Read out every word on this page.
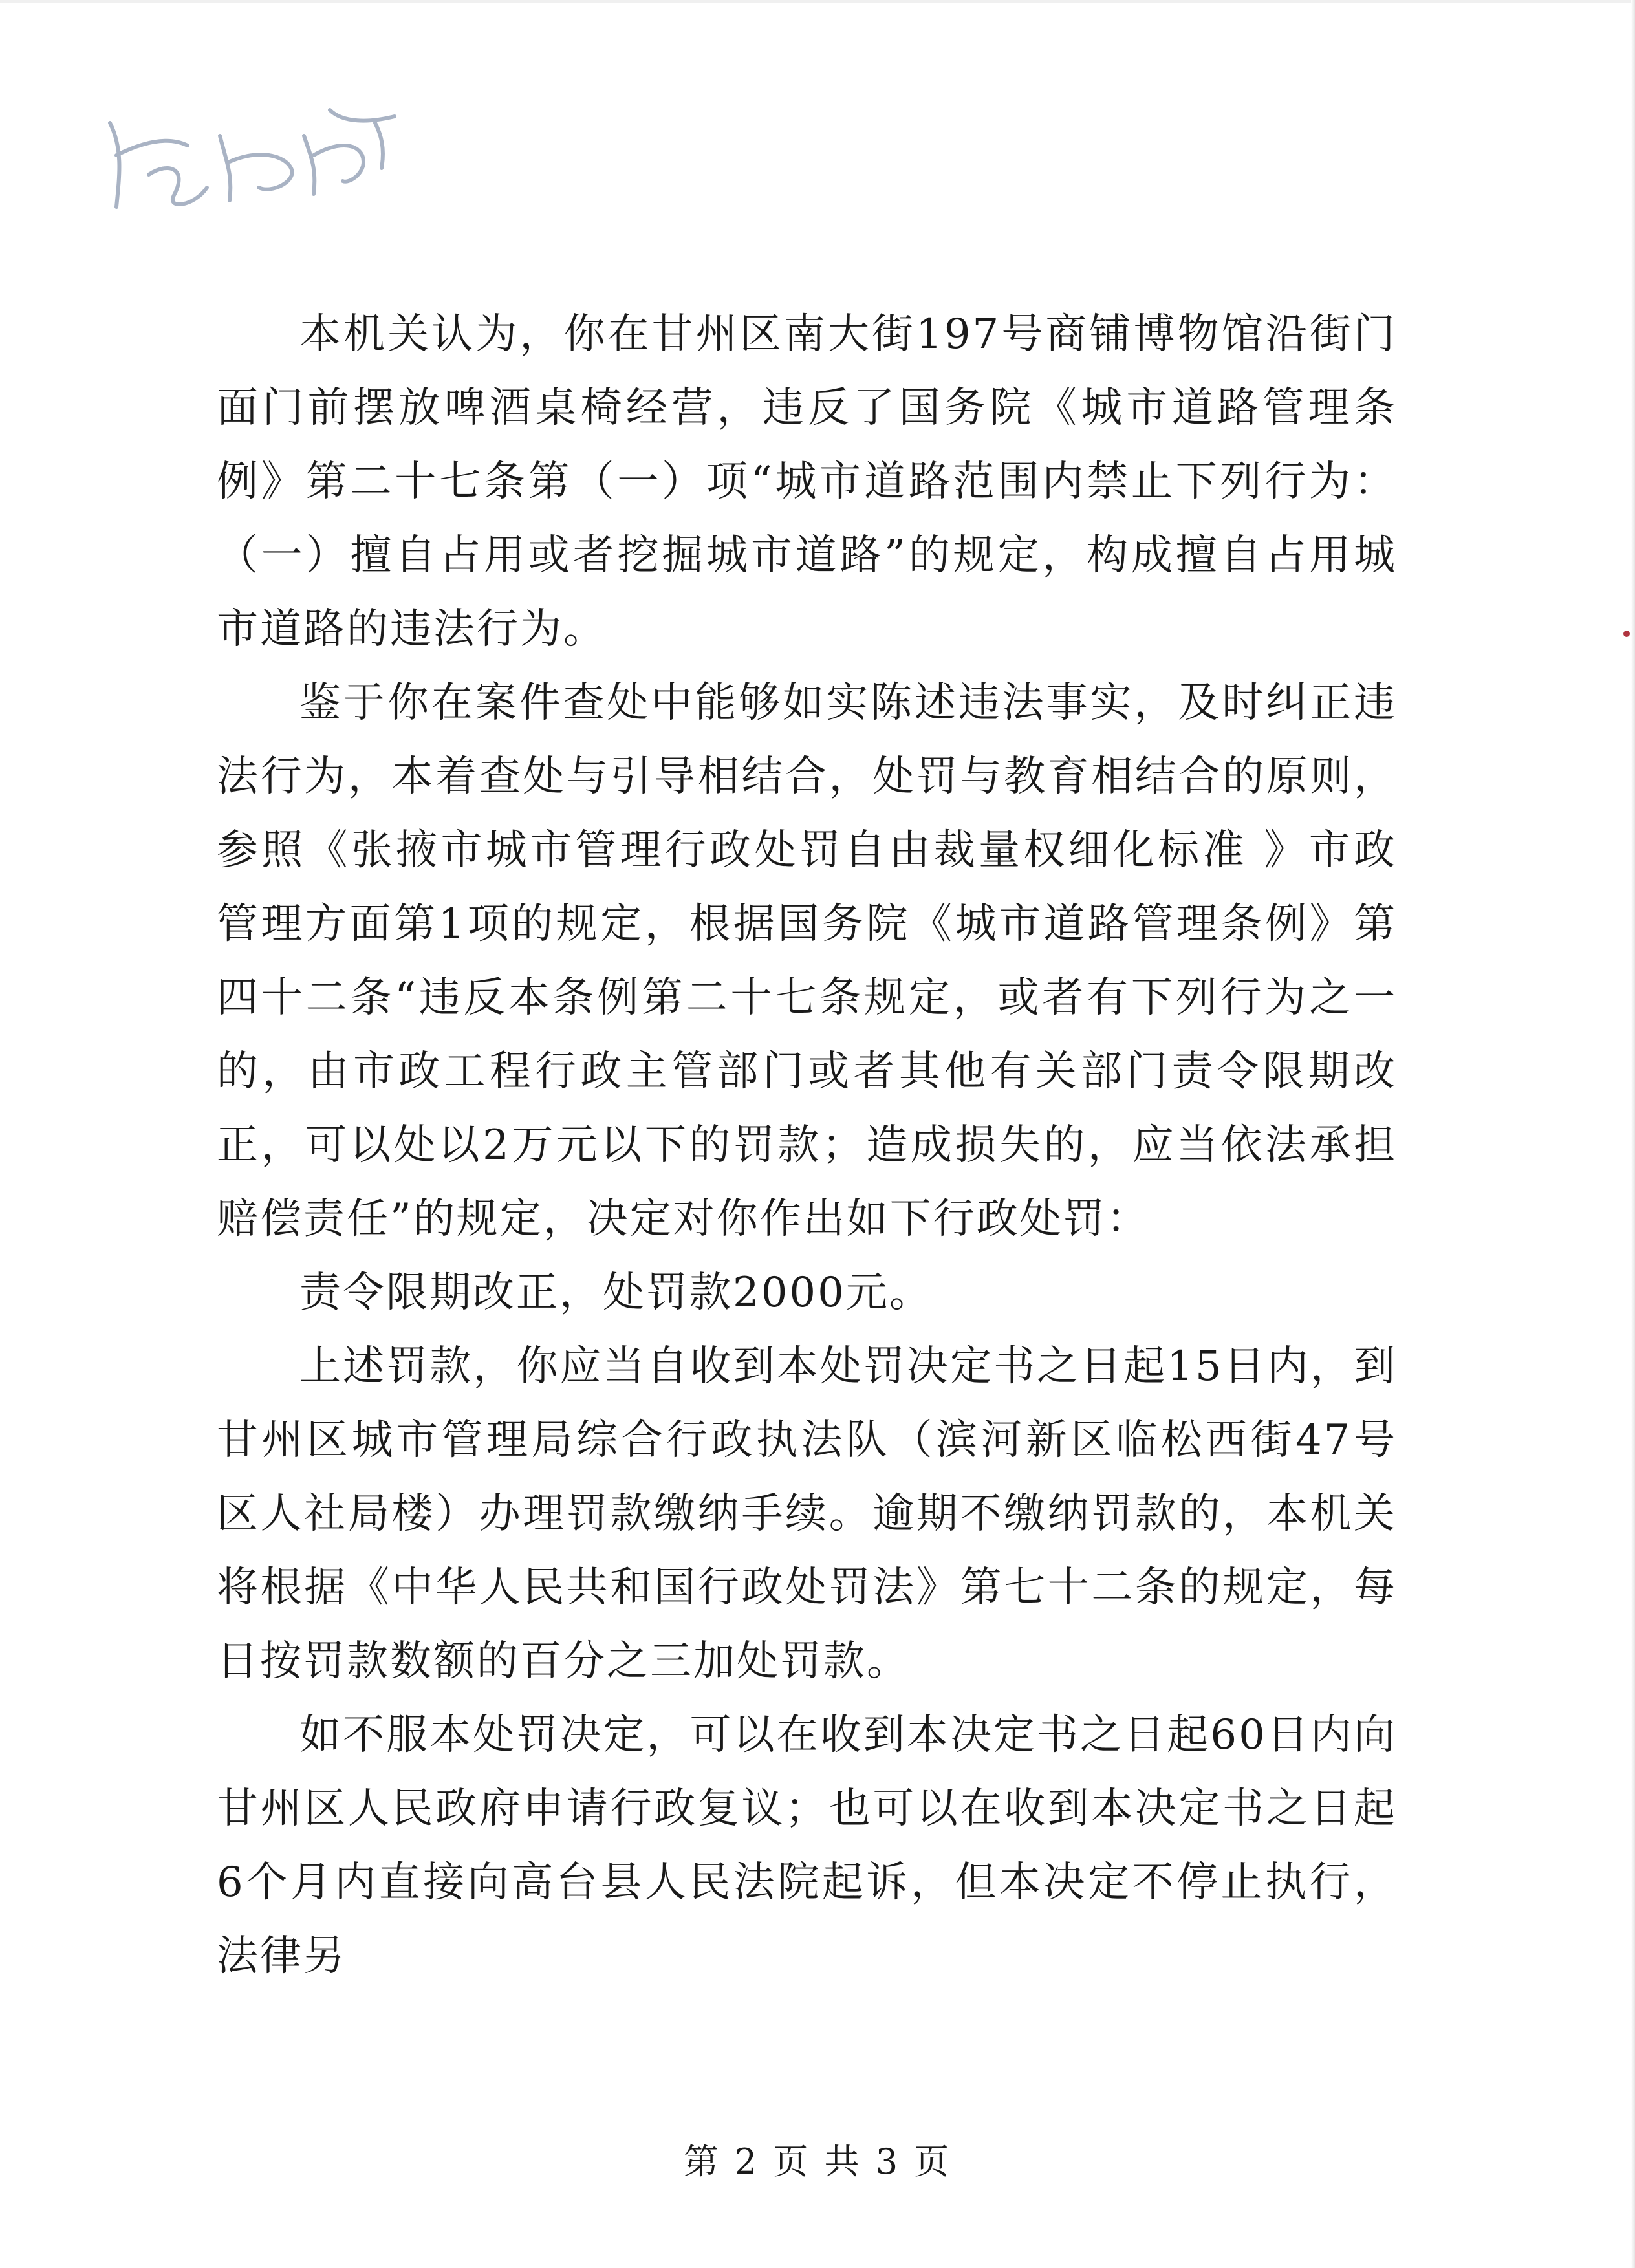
本机关认为，你在甘州区南大街197号商铺博物馆沿街门面门前摆放啤酒桌椅经营，违反了国务院《城市道路管理条例》第二十七条第（一）项“城市道路范围内禁止下列行为：（一）擅自占用或者挖掘城市道路”的规定，构成擅自占用城市道路的违法行为。

鉴于你在案件查处中能够如实陈述违法事实，及时纠正违法行为，本着查处与引导相结合，处罚与教育相结合的原则，参照《张掖市城市管理行政处罚自由裁量权细化标准 》市政管理方面第1项的规定，根据国务院《城市道路管理条例》第四十二条“违反本条例第二十七条规定，或者有下列行为之一的，由市政工程行政主管部门或者其他有关部门责令限期改正，可以处以2万元以下的罚款；造成损失的，应当依法承担赔偿责任”的规定，决定对你作出如下行政处罚：

责令限期改正，处罚款2000元。

上述罚款，你应当自收到本处罚决定书之日起15日内，到甘州区城市管理局综合行政执法队（滨河新区临松西街47号区人社局楼）办理罚款缴纳手续。逾期不缴纳罚款的，本机关将根据《中华人民共和国行政处罚法》第七十二条的规定，每日按罚款数额的百分之三加处罚款。

如不服本处罚决定，可以在收到本决定书之日起60日内向甘州区人民政府申请行政复议；也可以在收到本决定书之日起6个月内直接向高台县人民法院起诉，但本决定不停止执行，法律另

第 2 页 共 3 页
